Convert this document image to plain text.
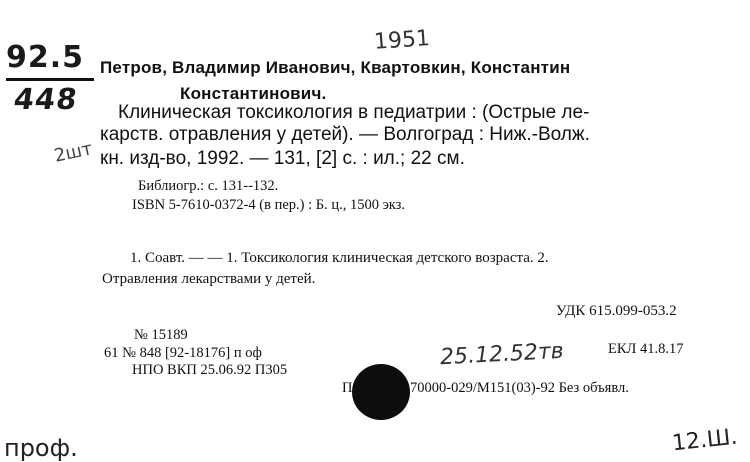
1951
92.5
448
2шт
Петров, Владимир Иванович, Квартовкин, Константин
Константинович.
Клиническая токсикология в педиатрии : (Острые ле-
карств. отравления у детей). — Волгоград : Ниж.-Волж.
кн. изд-во, 1992. — 131, [2] с. : ил.; 22 см.
Библиогр.: с. 131--132.
ISBN 5-7610-0372-4 (в пер.) : Б. ц., 1500 экз.
1. Соавт. — — 1. Токсикология клиническая детского возраста. 2.
Отравления лекарствами у детей.
УДК 615.099-053.2
№ 15189
61 № 848 [92-18176] п оф
НПО ВКП 25.06.92 П305	25.12.52тв	ЕКЛ 41.8.17
П	70000-029/М151(03)-92 Без объявл.
проф.	12.Ш.
